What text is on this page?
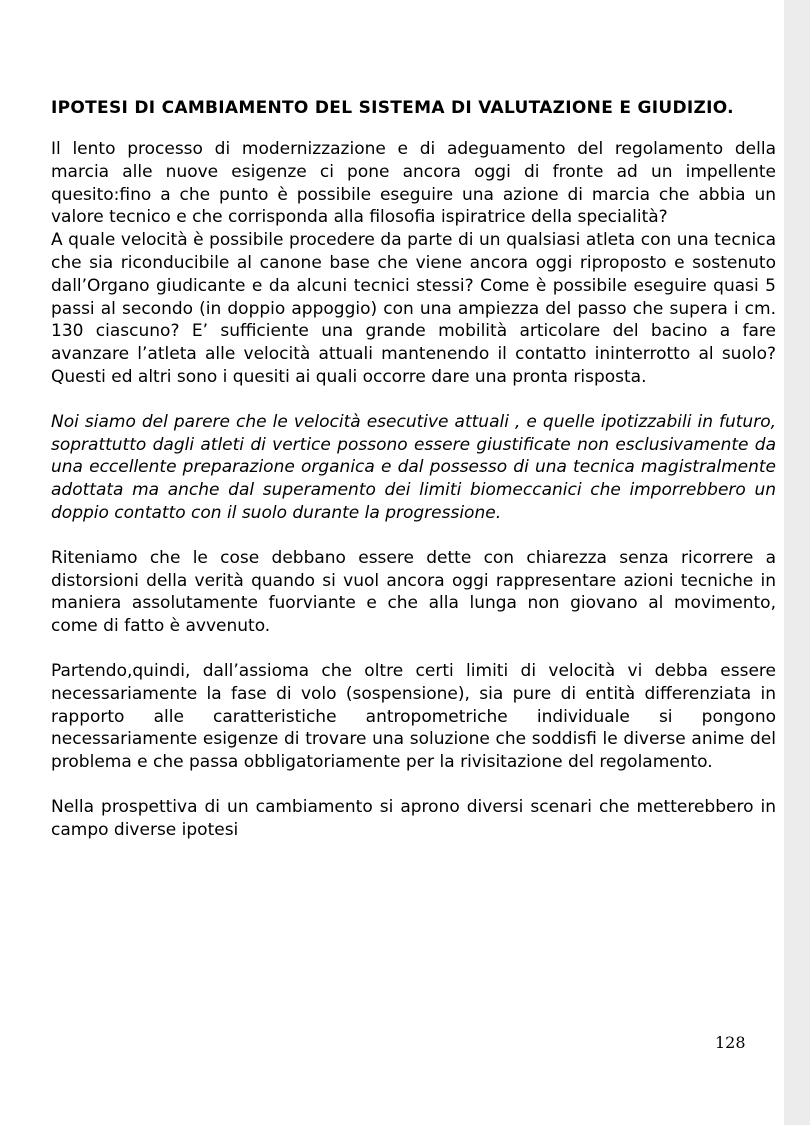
IPOTESI DI CAMBIAMENTO DEL SISTEMA DI VALUTAZIONE E GIUDIZIO.

Il lento processo di modernizzazione e di adeguamento del regolamento della marcia alle nuove esigenze ci pone ancora oggi di fronte ad un impellente quesito:fino a che punto è possibile eseguire una azione di marcia che abbia un valore tecnico e che corrisponda alla filosofia ispiratrice della specialità?

A quale velocità è possibile procedere da parte di un qualsiasi atleta con una tecnica che sia riconducibile al canone base che viene ancora oggi riproposto e sostenuto dall’Organo giudicante e da alcuni tecnici stessi? Come è possibile eseguire quasi 5 passi al secondo (in doppio appoggio) con una ampiezza del passo che supera i cm. 130 ciascuno? E’ sufficiente una grande mobilità articolare del bacino a fare avanzare l’atleta alle velocità attuali mantenendo il contatto ininterrotto al suolo? Questi ed altri sono i quesiti ai quali occorre dare una pronta risposta.

Noi siamo del parere che le velocità esecutive attuali , e quelle ipotizzabili in futuro, soprattutto dagli atleti di vertice possono essere giustificate non esclusivamente da una eccellente preparazione organica e dal possesso di una tecnica magistralmente adottata ma anche dal superamento dei limiti biomeccanici che imporrebbero un doppio contatto con il suolo durante la progressione.

Riteniamo che le cose debbano essere dette con chiarezza senza ricorrere a distorsioni della verità quando si vuol ancora oggi rappresentare azioni tecniche in maniera assolutamente fuorviante e che alla lunga non giovano al movimento, come di fatto è avvenuto.

Partendo,quindi, dall’assioma che oltre certi limiti di velocità vi debba essere necessariamente la fase di volo (sospensione), sia pure di entità differenziata in rapporto alle caratteristiche antropometriche individuale si pongono necessariamente esigenze di trovare una soluzione che soddisfi le diverse anime del problema e che passa obbligatoriamente per la rivisitazione del regolamento.

Nella prospettiva di un cambiamento si aprono diversi scenari che metterebbero in campo diverse ipotesi

128
